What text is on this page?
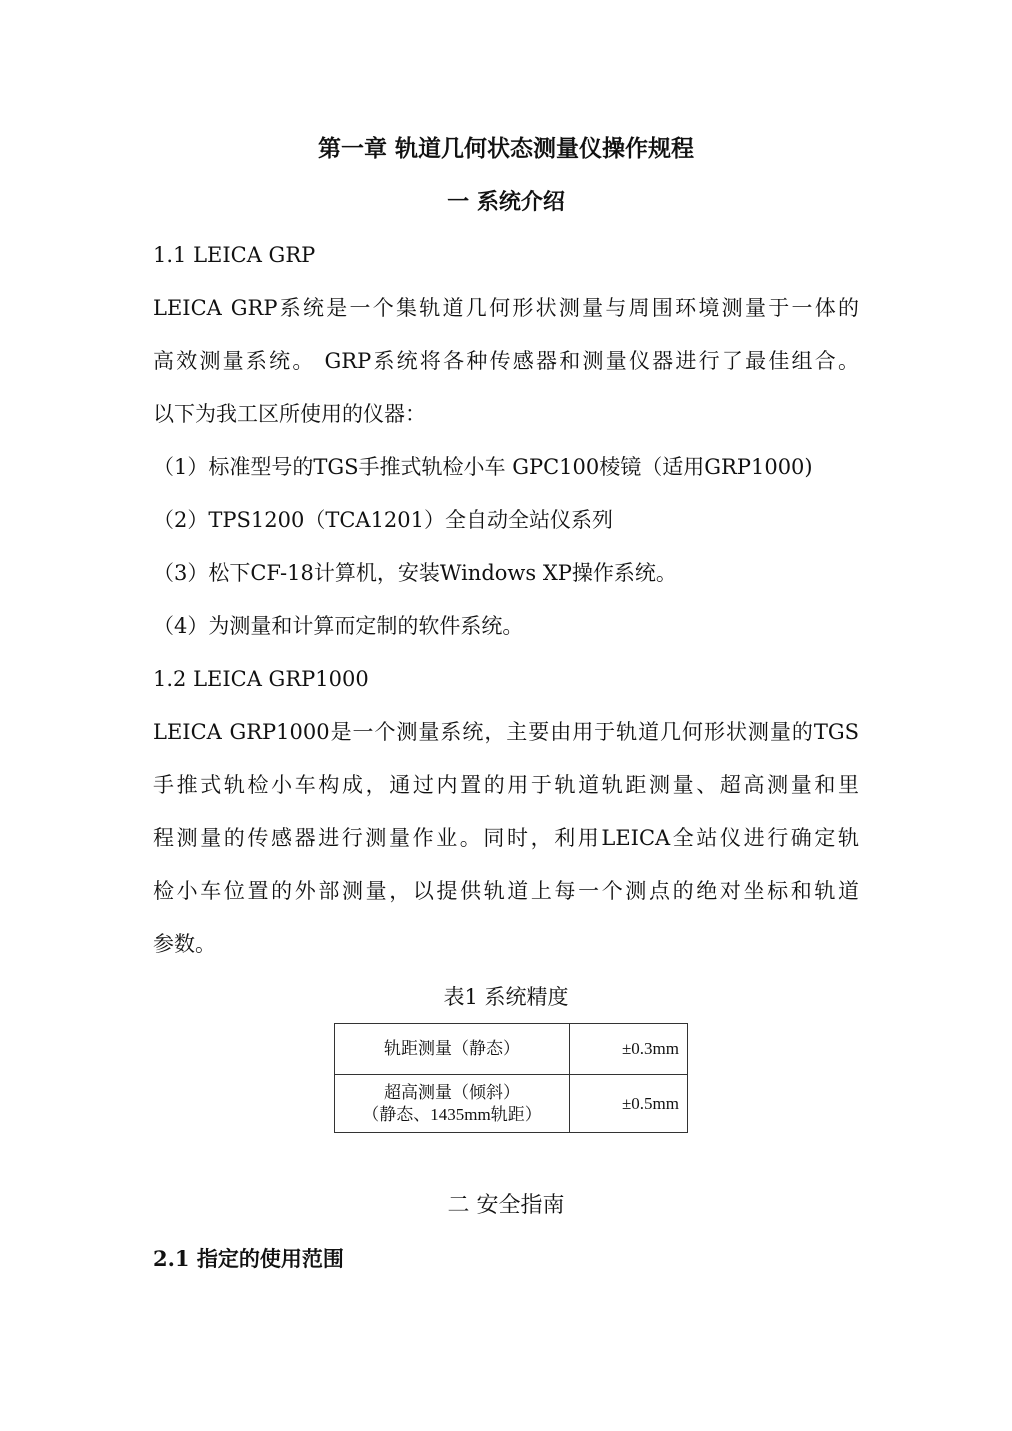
第一章 轨道几何状态测量仪操作规程
一 系统介绍
1.1 LEICA GRP
LEICA GRP系统是一个集轨道几何形状测量与周围环境测量于一体的
高效测量系统。 GRP系统将各种传感器和测量仪器进行了最佳组合。
以下为我工区所使用的仪器：
（1）标准型号的TGS手推式轨检小车 GPC100棱镜（适用GRP1000)
（2）TPS1200（TCA1201）全自动全站仪系列
（3）松下CF-18计算机，安装Windows XP操作系统。
（4）为测量和计算而定制的软件系统。
1.2 LEICA GRP1000
LEICA GRP1000是一个测量系统，主要由用于轨道几何形状测量的TGS
手推式轨检小车构成，通过内置的用于轨道轨距测量、超高测量和里
程测量的传感器进行测量作业。同时，利用LEICA全站仪进行确定轨
检小车位置的外部测量，以提供轨道上每一个测点的绝对坐标和轨道
参数。
表1 系统精度
轨距测量（静态）	±0.3mm

超高测量（倾斜）
（静态、1435mm轨距）	±0.5mm
二 安全指南
2.1 指定的使用范围
